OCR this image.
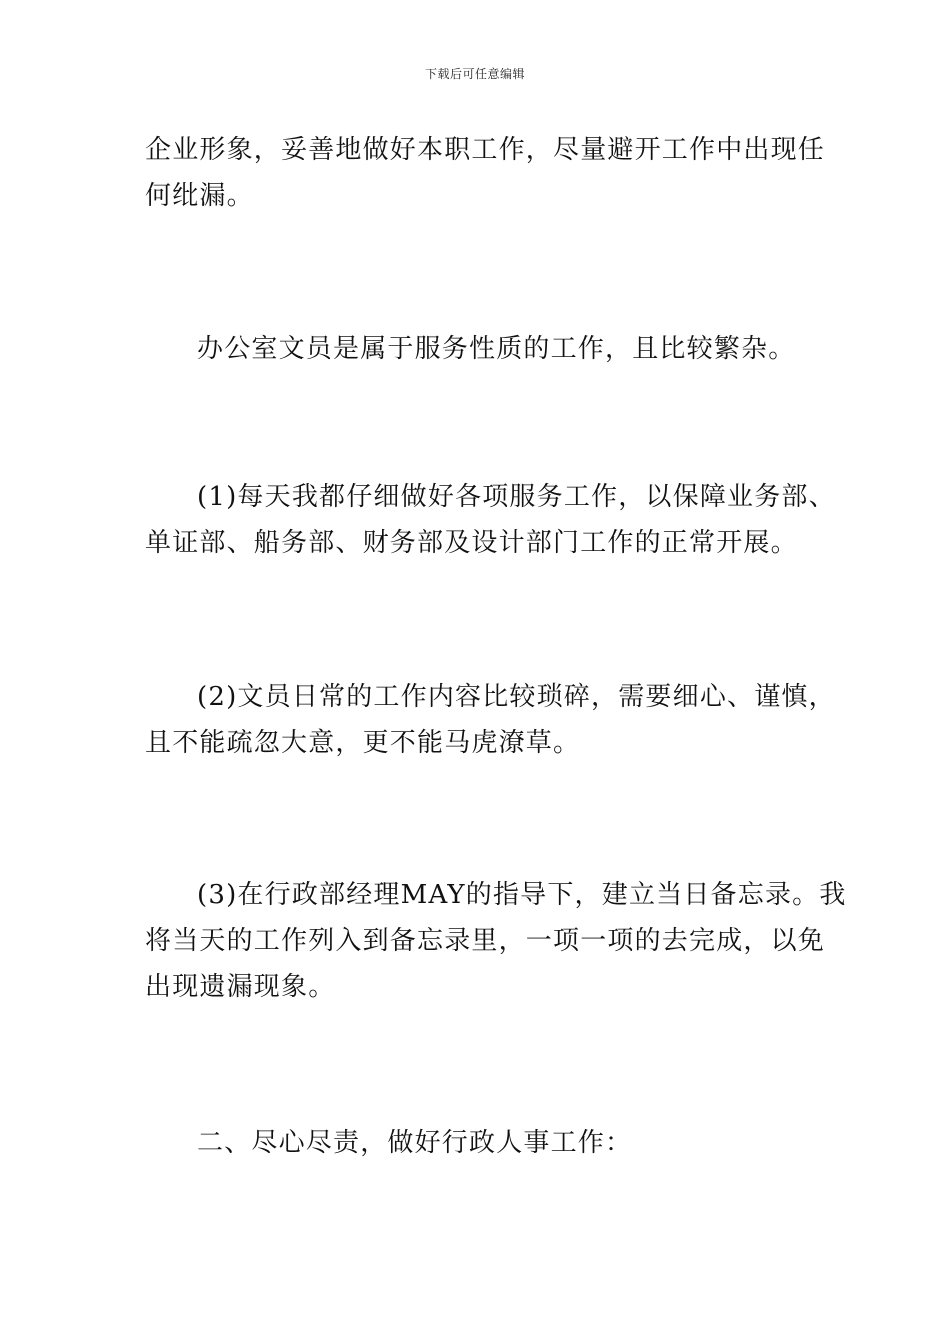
下载后可任意编辑
企业形象，妥善地做好本职工作，尽量避开工作中出现任
何纰漏。
办公室文员是属于服务性质的工作，且比较繁杂。
(1)每天我都仔细做好各项服务工作，以保障业务部、
单证部、船务部、财务部及设计部门工作的正常开展。
(2)文员日常的工作内容比较琐碎，需要细心、谨慎，
且不能疏忽大意，更不能马虎潦草。
(3)在行政部经理MAY的指导下，建立当日备忘录。我
将当天的工作列入到备忘录里，一项一项的去完成，以免
出现遗漏现象。
二、尽心尽责，做好行政人事工作：
